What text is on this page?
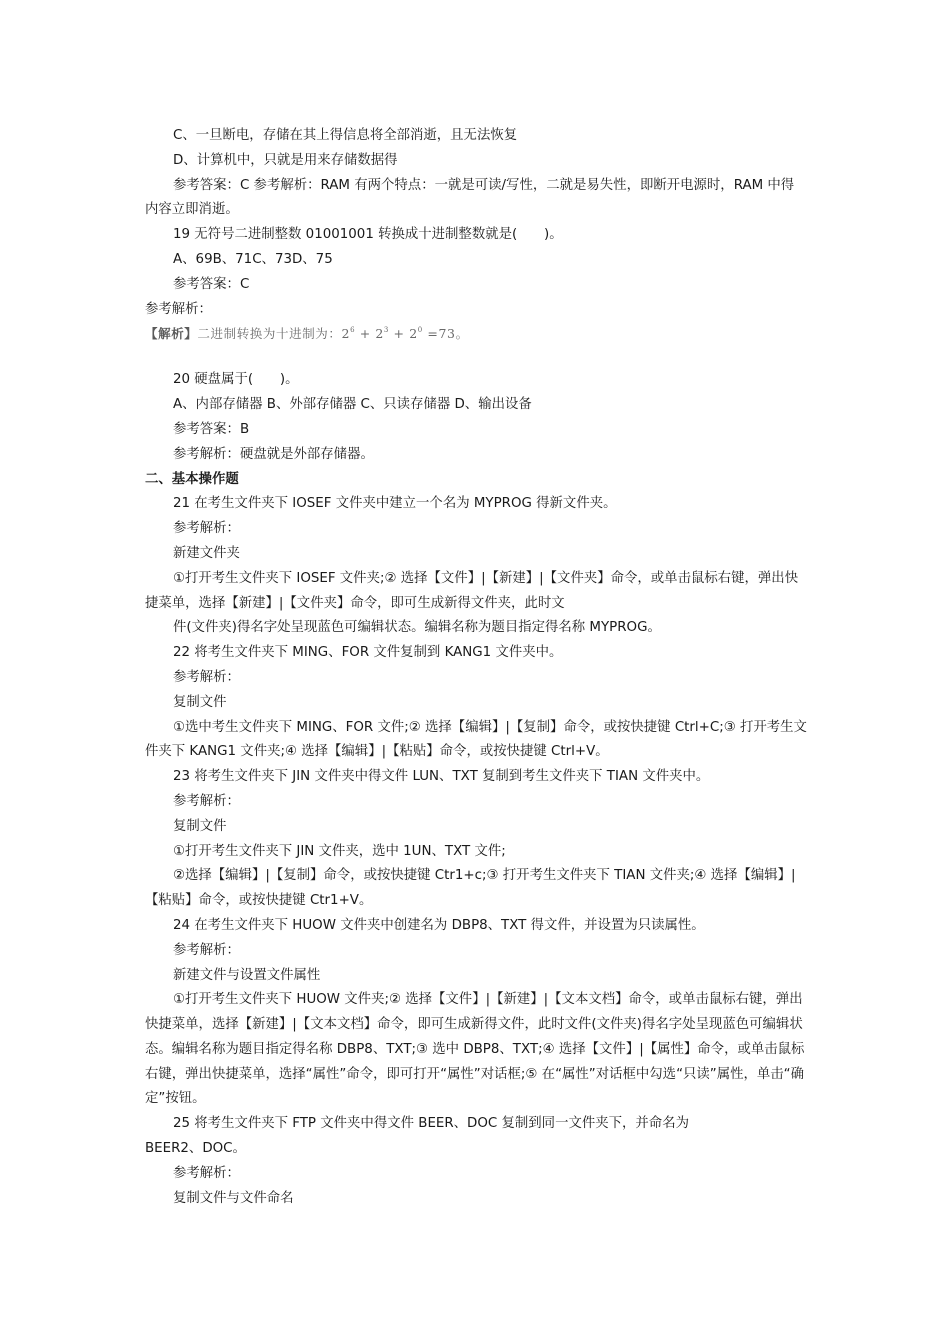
C、一旦断电，存储在其上得信息将全部消逝，且无法恢复

D、计算机中，只就是用来存储数据得

参考答案：C 参考解析：RAM 有两个特点：一就是可读/写性，二就是易失性，即断开电源时，RAM 中得内容立即消逝。

19 无符号二进制整数 01001001 转换成十进制整数就是(　　)。

A、69B、71C、73D、75

参考答案：C

参考解析：

【解析】二进制转换为十进制为：$2^6 + 2^3 + 2^0 =73$。

20 硬盘属于(　　)。

A、内部存储器 B、外部存储器 C、只读存储器 D、输出设备

参考答案：B

参考解析：硬盘就是外部存储器。

二、基本操作题

21 在考生文件夹下 IOSEF 文件夹中建立一个名为 MYPROG 得新文件夹。

参考解析：

新建文件夹

①打开考生文件夹下 IOSEF 文件夹;② 选择【文件】|【新建】|【文件夹】命令，或单击鼠标右键，弹出快捷菜单，选择【新建】|【文件夹】命令，即可生成新得文件夹，此时文

件(文件夹)得名字处呈现蓝色可编辑状态。编辑名称为题目指定得名称 MYPROG。

22 将考生文件夹下 MING、FOR 文件复制到 KANG1 文件夹中。

参考解析：

复制文件

①选中考生文件夹下 MING、FOR 文件;② 选择【编辑】|【复制】命令，或按快捷键 Ctrl+C;③ 打开考生文件夹下 KANG1 文件夹;④ 选择【编辑】|【粘贴】命令，或按快捷键 Ctrl+V。

23 将考生文件夹下 JIN 文件夹中得文件 LUN、TXT 复制到考生文件夹下 TIAN 文件夹中。

参考解析：

复制文件

①打开考生文件夹下 JIN 文件夹，选中 1UN、TXT 文件;

②选择【编辑】|【复制】命令，或按快捷键 Ctr1+c;③ 打开考生文件夹下 TIAN 文件夹;④ 选择【编辑】|【粘贴】命令，或按快捷键 Ctr1+V。

24 在考生文件夹下 HUOW 文件夹中创建名为 DBP8、TXT 得文件，并设置为只读属性。

参考解析：

新建文件与设置文件属性

①打开考生文件夹下 HUOW 文件夹;② 选择【文件】|【新建】|【文本文档】命令，或单击鼠标右键，弹出快捷菜单，选择【新建】|【文本文档】命令，即可生成新得文件，此时文件(文件夹)得名字处呈现蓝色可编辑状态。编辑名称为题目指定得名称 DBP8、TXT;③ 选中 DBP8、TXT;④ 选择【文件】|【属性】命令，或单击鼠标右键，弹出快捷菜单，选择“属性”命令，即可打开“属性”对话框;⑤ 在“属性”对话框中勾选“只读”属性，单击“确定”按钮。

25 将考生文件夹下 FTP 文件夹中得文件 BEER、DOC 复制到同一文件夹下，并命名为

BEER2、DOC。

参考解析：

复制文件与文件命名
